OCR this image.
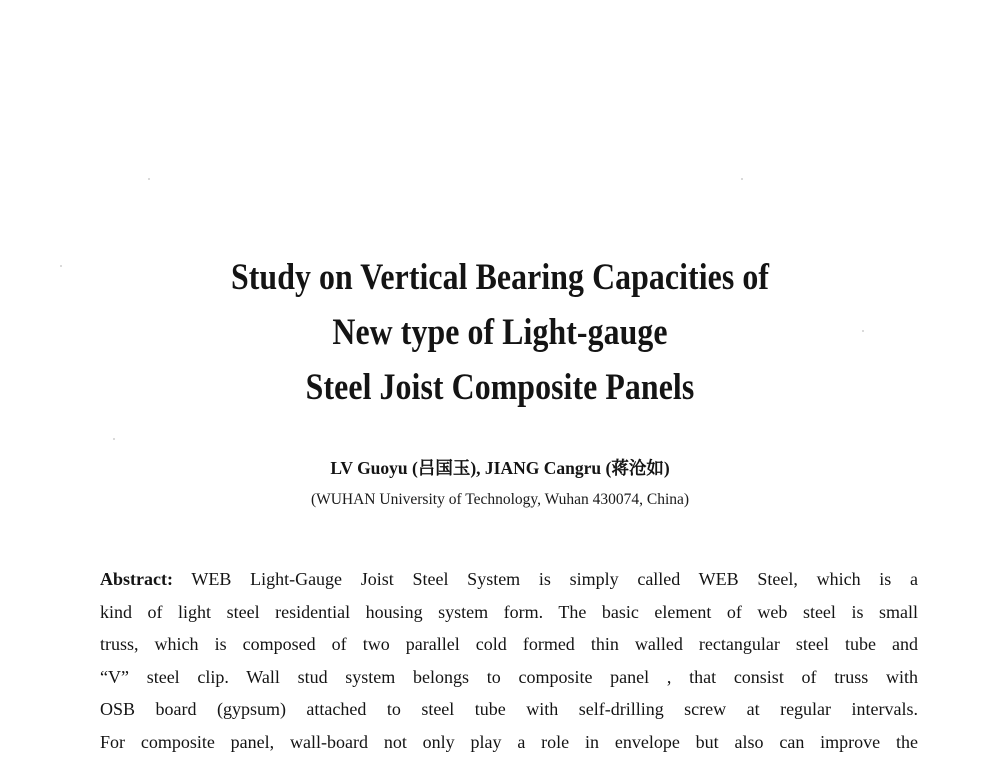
Study on Vertical Bearing Capacities of
New type of Light-gauge
Steel Joist Composite Panels
LV Guoyu (吕国玉), JIANG Cangru (蒋沧如)
(WUHAN University of Technology, Wuhan 430074, China)
Abstract: WEB Light-Gauge Joist Steel System is simply called WEB Steel, which is a
kind of light steel residential housing system form. The basic element of web steel is small
truss, which is composed of two parallel cold formed thin walled rectangular steel tube and
“V” steel clip. Wall stud system belongs to composite panel , that consist of truss with
OSB board (gypsum) attached to steel tube with self-drilling screw at regular intervals.
For composite panel, wall-board not only play a role in envelope but also can improve the
